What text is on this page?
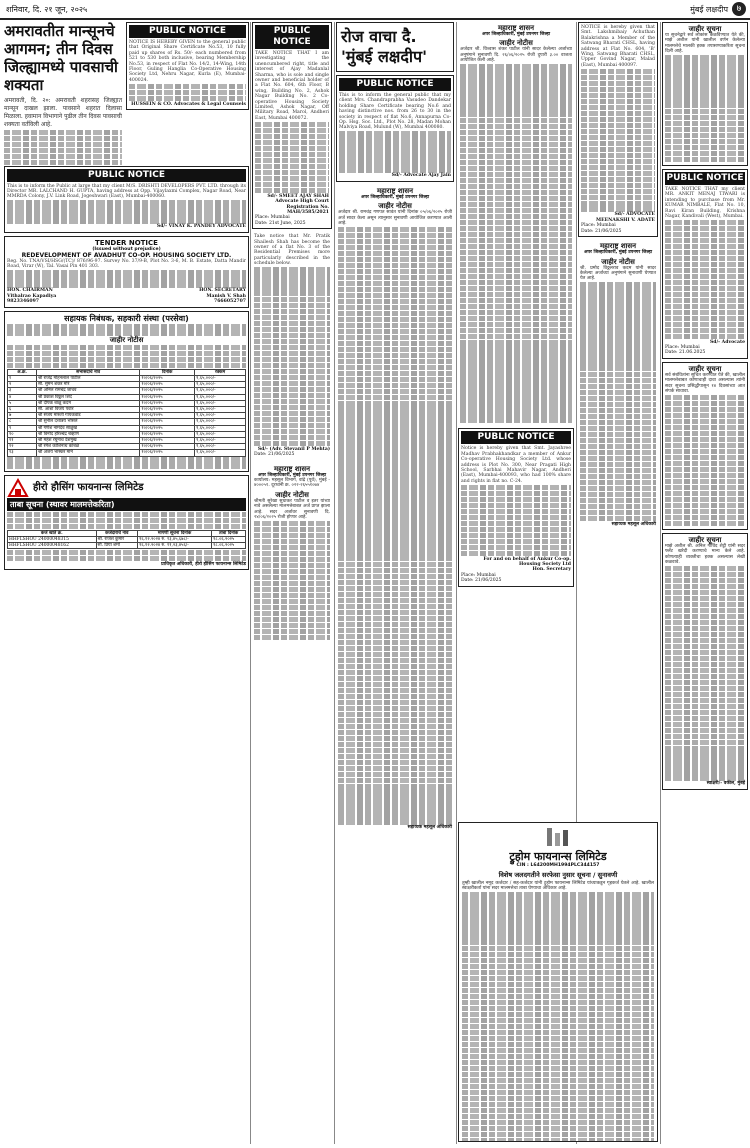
शनिवार, दि. २१ जून, २०२५	मुंबई लक्षदीप ७
अमरावतीत मान्सूनचे आगमन; तीन दिवस जिल्ह्यामध्ये पावसाची शक्यता
अमरावती, दि. २०: अमरावती शहरासह जिल्ह्यात मान्सून दाखल झाला. पावसाने शहरात दिलासा मिळाला. हवामान विभागाने पुढील तीन दिवस पावसाची शक्यता वर्तविली आहे.
PUBLIC NOTICE
NOTICE IS HEREBY GIVEN to the general public that Original Share Certificate No.53, 10 fully paid up shares of Rs. 50/- each numbered from 521 to 530 both inclusive, bearing Membership No.53, in respect of Flat No. 14/2, 14-Wing, 14th Floor, Guling Hanglia Co-Operative Housing Society Ltd, Nehru Nagar, Kurla (E), Mumbai-400024.
HUSSEIN & CO. Advocates & Legal Counsels
PUBLIC NOTICE
This is to inform the Public at large that my client M/S. DRISHTI DEVELOPERS PVT. LTD. through its Director MR. LALCHAND H. GUPTA, having address at Opp. Vijaylaxmi Complex, Nagar Road, Near MMRDA Colony, J.V. Link Road, Jogeshwari (East), Mumbai-400060.
Sd/- VINAY K. PANDEY ADVOCATE
TENDER NOTICE
(Issued without prejudice)
REDEVELOPMENT OF AVADHUT CO-OP. HOUSING SOCIETY LTD.
Reg. No. TNA/VSI/HSG/(TC)/ 876/96-97. Survey No. 37/9-B, Plot No. 3-6, M. B. Estate, Datta Mandir Road, Virar (W), Tal. Vasai Pin 401 303.
HON. CHAIRMAN
Vithalrao Kapadiya
9823346097
HON. SECRETARY
Manish V. Shah
7666052707
सहायक निबंधक, सहकारी संस्था (परसेवा)
जाहीर नोटीस
अ.क्र.	सभासदाचे नाव	दिनांक	रक्कम
१	श्री राजेंद्र मोहनलाल पाटील	१०/०६/२०२५	१,६५,०००/-
२	सौ. सुमन शंकर मोरे	१०/०६/२०२५	१,६५,०००/-
३	श्री अनिल रामचंद्र जाधव	१०/०६/२०२५	१,६५,०००/-
४	श्री प्रकाश विठ्ठल शिंदे	१०/०६/२०२५	१,६५,०००/-
५	श्री दीपक बाळू कदम	१०/०६/२०२५	१,६५,०००/-
६	सौ. आशा विजय पवार	१०/०६/२०२५	१,६५,०००/-
७	श्री संजय मारुती गायकवाड	१०/०६/२०२५	१,६५,०००/-
८	श्री सुनील दत्तात्रय भोसले	१०/०६/२०२५	१,६५,०००/-
९	श्री गणेश नामदेव साळुंखे	१०/०६/२०२५	१,६५,०००/-
१०	श्री विनोद हरिश्चंद्र चव्हाण	१०/०६/२०२५	१,६५,०००/-
११	श्री महेश रघुनाथ देशमुख	१०/०६/२०२५	१,६५,०००/-
१२	श्री रमेश काशिनाथ कांबळे	१०/०६/२०२५	१,६५,०००/-
१३	श्री अजय भास्कर माने	१०/०६/२०२५	१,६५,०००/-
हीरो हौसिंग फायनान्स लिमिटेड
ताबा सूचना (स्थावर मालमत्तेकरिता)
कर्ज खाते क्र.	कर्जदाराचे नाव	मागणी सूचना दिनांक	ताबा दिनांक
HHFLSHOU 24000048315	श्री. राजेश कुमार	१६.१२.२०२४ रु. १३,४५,६७८/-	१८.०६.२०२५
HHFLSHOU 24000048162	सौ. प्रिया शर्मा	१६.१२.२०२४ रु. ११,२३,४५६/-	१८.०६.२०२५
प्राधिकृत अधिकारी, हीरो हौसिंग फायनान्स लिमिटेड
PUBLIC NOTICE
TAKE NOTICE THAT I am investigating the unencumbered right, title and interest of Ajay Madanlal Sharma, who is sole and single owner and beneficial holder of a Flat No. 604, 6th Floor, B wing, Building No. 2, Ashok Nagar Building No. 2 Co-operative Housing Society Limited, Ashok Nagar, Off Military Road, Marol, Andheri East, Mumbai 400072.
Sd/- SMEET AJAY SHAH Advocate High Court
Registration No. MAH/3585/2021
Place: Mumbai
Date: 21st June, 2025
Take notice that Mr. Pratik Shailesh Shah has become the owner of a flat No. 3 of the Residential Premises more particularly described in the schedule below.
Sd/- (Adv. Stevanil P Mehta)
Date: 21/06/2025
महाराष्ट्र शासन
अपर जिल्हाधिकारी, मुंबई उपनगर जिल्हा
कार्यालय: महसूल विभाग, वांद्रे (पूर्व), मुंबई - ४०००५१. दूरध्वनी क्र. ०२२-२६५५१०७४
जाहीर नोटीस
श्रीमती सुरेखा सुधाकर पाटील व इतर यांच्या नावे असलेल्या मालमत्तेबाबत अर्ज प्राप्त झाला आहे. सदर अर्जावर सुनावणी दि. २४/०६/२०२५ रोजी होणार आहे.
रोज वाचा दै. 'मुंबई लक्षदीप'
PUBLIC NOTICE
This is to inform the general public that my client Mrs. Chandraprabha Vasudeo Dandekar holding Share Certificate bearing No.6 and having distinctive nos. from 26 to 30 in the society in respect of flat No.6, Annapurna Co-Op. Hsg. Soc. Ltd., Plot No. 28, Madan Mohan Malviya Road, Mulund (W), Mumbai 400080.
Sd/- Advocate Ajay Jain
महाराष्ट्र शासन
अपर जिल्हाधिकारी, मुंबई उपनगर जिल्हा
जाहीर नोटीस
अर्जदार श्री. रामचंद्र गणपत सावंत यांनी दिनांक ०५/०६/२०२५ रोजी अर्ज सादर केला असून त्यानुसार सुनावणी आयोजित करण्यात आली आहे.
सहाय्यक महसूल अधिकारी
महाराष्ट्र शासन
अपर जिल्हाधिकारी, मुंबई उपनगर जिल्हा
जाहीर नोटीस
अर्जदार श्री. विश्वास शंकर पाटील यांनी सादर केलेल्या अर्जाच्या अनुषंगाने सुनावणी दि. २६/०६/२०२५ रोजी दुपारी ३.०० वाजता आयोजित केली आहे.
PUBLIC NOTICE
Notice is hereby given that Smt. Jayashree Madhav Prabhakhandkar a member of Ankur Co-operative Housing Society Ltd. whose address is Plot No. 300, Near Pragati High School, Sarbhai Mahavir Nagar, Andheri (East), Mumbai-400093, who had 100% share and rights in flat no. C-24.
For and on behalf of Ankur Co-op. Housing Society Ltd
Hon. Secretary
Place: Mumbai
Date: 21/06/2025
ट्रुहोम फायनान्स लिमिटेड
CIN : L64200MH1994PLC344157
विशेष जलदगतीने सरफेसा नुसार सूचना / सुनावणी
तुम्ही खालील नमूद कर्जदार / सह-कर्जदार यांनी ट्रुहोम फायनान्स लिमिटेड यांच्याकडून गृहकर्ज घेतले आहे. खालील स्वाक्षरीकर्ता यांना सदर मालमत्तेचा ताबा घेण्याचा अधिकार आहे.
NOTICE is hereby given that Smt. Lakshmibaiy Achuthan Balakrishna a Member of the Satwang Bharati CHSL, having address at Flat No. 604, 'B' Wing, Satwang Bharati CHSL, Upper Govind Nagar, Malad (East), Mumbai 400097.
Sd/- ADVOCATE MEENAKSHI V. ADATE
Place: Mumbai
Date: 21/06/2025
महाराष्ट्र शासन
अपर जिल्हाधिकारी, मुंबई उपनगर जिल्हा
जाहीर नोटीस
श्री. प्रमोद विठ्ठलराव कदम यांनी सादर केलेल्या अर्जाच्या अनुषंगाने सुनावणी घेण्यात येत आहे.
सहाय्यक महसूल अधिकारी
जाहीर सूचना
या सूचनेद्वारे सर्व लोकांस कळविण्यात येते की, माझे अशील यांनी खालील वर्णन केलेल्या मालमत्तेचे मालकी हक्क तपासण्याकरिता सूचना दिली आहे.
PUBLIC NOTICE
TAKE NOTICE THAT my client MR. ANKIT MENAJ TIWARI is intending to purchase from Mr. KUMAR NIMBALE, Flat No. 10, Ravi Kiran Building, Krishna Nagar, Kandivali (West), Mumbai.
Sd/- Advocate
Place: Mumbai
Date: 21.06.2025
जाहीर सूचना
सर्व संबंधितांना सूचित करण्यात येते की, खालील मालमत्तेबाबत कोणाचाही दावा असल्यास त्यांनी सदर सूचना प्रसिद्धीपासून १४ दिवसांच्या आत संपर्क साधावा.
जाहीर सूचना
माझे अशील श्री. अनिल गोविंद शेट्टी यांनी सदर फ्लॅट खरेदी करण्याचे मान्य केले आहे. कोणत्याही व्यक्तीचा हक्क असल्यास लेखी कळवावे.
स्वाक्षरी/- वकील, मुंबई
